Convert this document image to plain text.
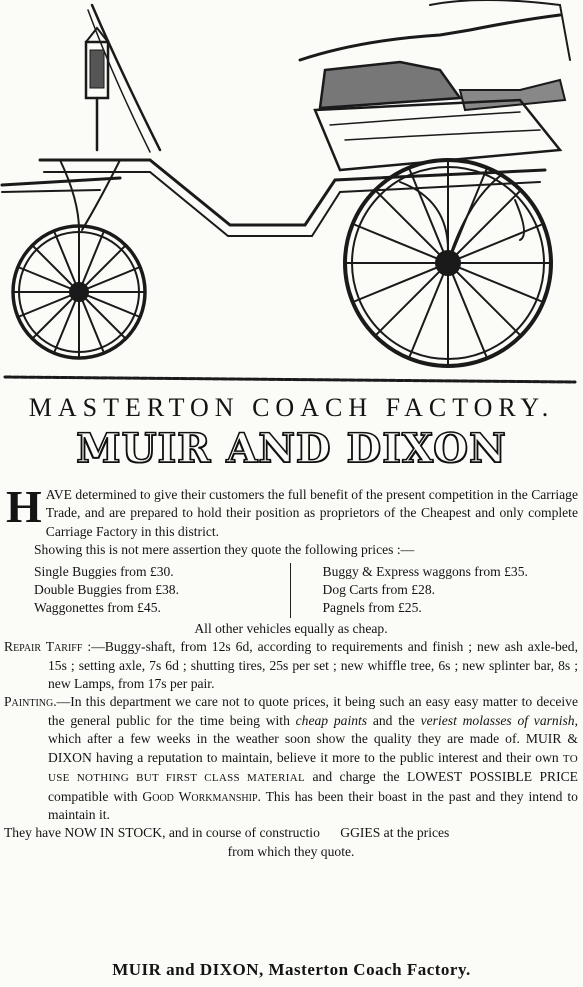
MASTERTON COACH FACTORY.
MUIR AND DIXON

HAVE determined to give their customers the full benefit of the present competition in the Carriage Trade, and are prepared to hold their position as proprietors of the Cheapest and only complete Carriage Factory in this district.

Showing this is not mere assertion they quote the following prices :—

Single Buggies from £30.
Double Buggies from £38.
Waggonettes from £45.
Buggy & Express waggons from £35.
Dog Carts from £28.
Pagnels from £25.

All other vehicles equally as cheap.

Repair Tariff :—Buggy-shaft, from 12s 6d, according to requirements and finish ; new ash axle-bed, 15s ; setting axle, 7s 6d ; shutting tires, 25s per set ; new whiffle tree, 6s ; new splinter bar, 8s ; new Lamps, from 17s per pair.

Painting.—In this department we care not to quote prices, it being such an easy easy matter to deceive the general public for the time being with cheap paints and the veriest molasses of varnish, which after a few weeks in the weather soon show the quality they are made of. MUIR & DIXON having a reputation to maintain, believe it more to the public interest and their own TO USE NOTHING BUT FIRST CLASS MATERIAL and charge the LOWEST POSSIBLE PRICE compatible with Good Workmanship. This has been their boast in the past and they intend to maintain it.

They have NOW IN STOCK, and in course of constructio      GGIES at the prices

from which they quote.

MUIR and DIXON, Masterton Coach Factory.
